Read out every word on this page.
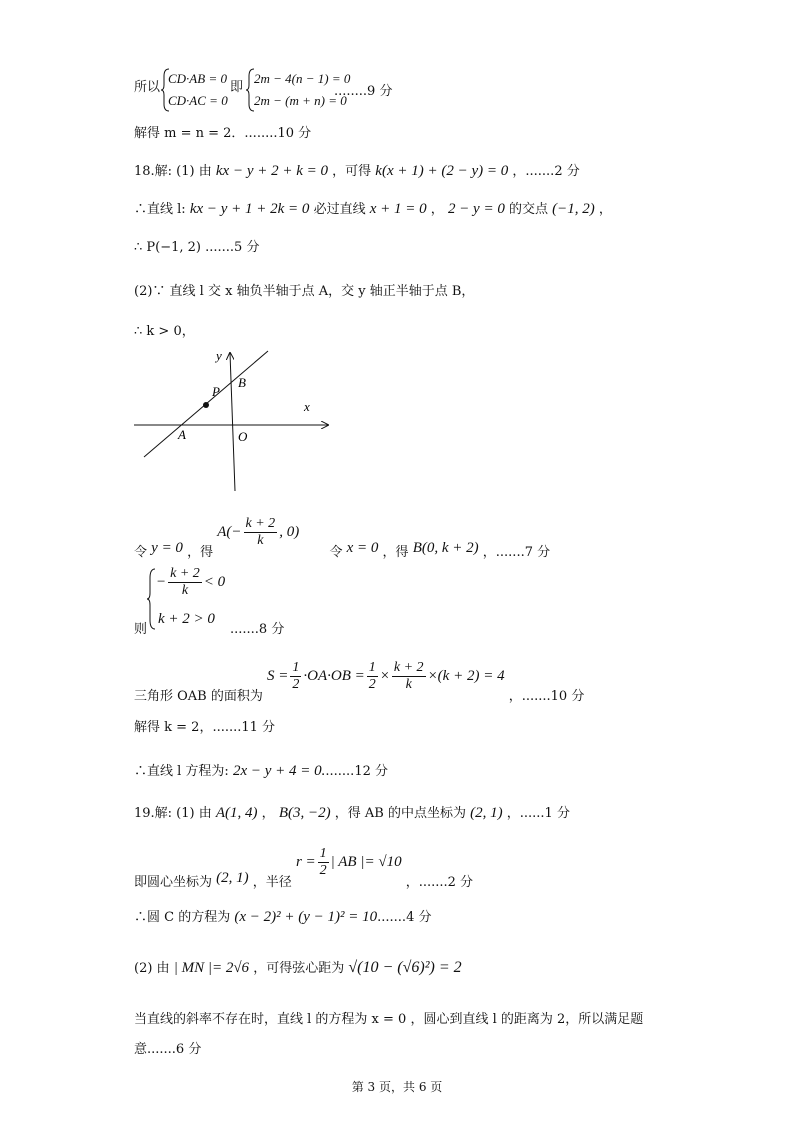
所以
CD·AB = 0
CD·AC = 0
即
2m − 4(n − 1) = 0
2m − (m + n) = 0
........9 分
解得 m = n = 2．........10 分
18.解: (1) 由 kx − y + 2 + k = 0 ，可得 k(x + 1) + (2 − y) = 0 ，.......2 分
∴直线 l: kx − y + 1 + 2k = 0 必过直线 x + 1 = 0 ， 2 − y = 0 的交点 (−1, 2) ，
∴ P(−1, 2) .......5 分
(2)∵ 直线 l 交 x 轴负半轴于点 A，交 y 轴正半轴于点 B，
∴ k > 0，
y
x
P
B
A	O
令 y = 0 ，得 $A(- \frac{k + 2}{k}$ , 0)  令 x = 0 ，得 B(0, k + 2) ，.......7 分
− $\frac{k + 2}{k} < 0$
k + 2 > 0
则	.......8 分
三角形 OAB 的面积为 $S = \frac{1}{2} \cdot OA\cdot OB = \frac{1}{2} \times \frac{k + 2}{k} \times(k + 2) = 4$ ，.......10 分
解得 k = 2，.......11 分
∴直线 l 方程为: 2x − y + 4 = 0........12 分
19.解: (1) 由 A(1, 4) ， B(3, −2) ，得 AB 的中点坐标为 (2, 1) ，......1 分
即圆心坐标为 (2, 1) ，半径 $r = \frac{1}{2}$ | AB |= √10 ，.......2 分
∴圆 C 的方程为 (x − 2)² + (y − 1)² = 10.......4 分
(2) 由 | MN |= 2√6 ，可得弦心距为 √(10 − (√6)²) = 2
当直线的斜率不存在时，直线 l 的方程为 x = 0 ，圆心到直线 l 的距离为 2，所以满足题
意.......6 分
第 3 页，共 6 页
